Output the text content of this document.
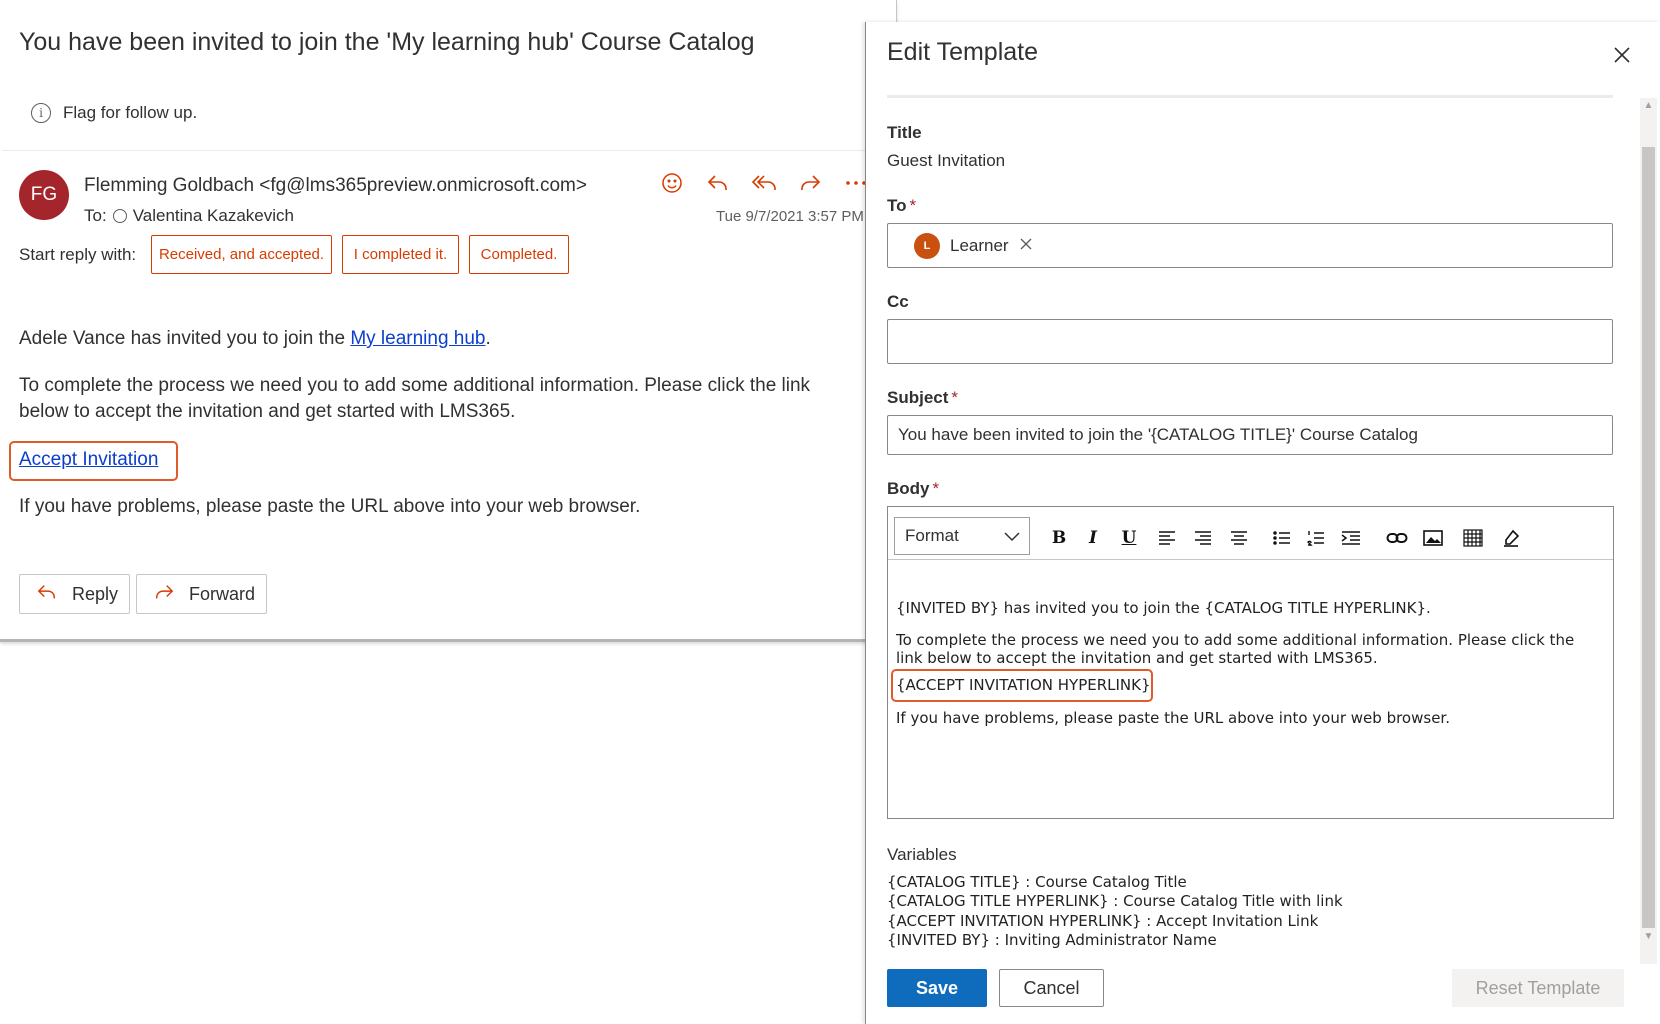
You have been invited to join the 'My learning hub' Course Catalog
i	Flag for follow up.
FG	Flemming Goldbach <fg@lms365preview.onmicrosoft.com>
To: Valentina Kazakevich	Tue 9/7/2021 3:57 PM
Start reply with:	Received, and accepted.	I completed it.	Completed.
Adele Vance has invited you to join the My learning hub.
To complete the process we need you to add some additional information. Please click the link
below to accept the invitation and get started with LMS365.
Accept Invitation
If you have problems, please paste the URL above into your web browser.
Reply	Forward
Edit Template
Title
Guest Invitation
To *
L	Learner
Cc
Subject *
You have been invited to join the '{CATALOG TITLE}' Course Catalog
Body *
Format	B	I	U
{INVITED BY} has invited you to join the {CATALOG TITLE HYPERLINK}.
To complete the process we need you to add some additional information. Please click the
link below to accept the invitation and get started with LMS365.
{ACCEPT INVITATION HYPERLINK}
If you have problems, please paste the URL above into your web browser.
Variables
{CATALOG TITLE} : Course Catalog Title
{CATALOG TITLE HYPERLINK} : Course Catalog Title with link
{ACCEPT INVITATION HYPERLINK} : Accept Invitation Link
{INVITED BY} : Inviting Administrator Name
▲
▼
Save	Cancel	Reset Template
